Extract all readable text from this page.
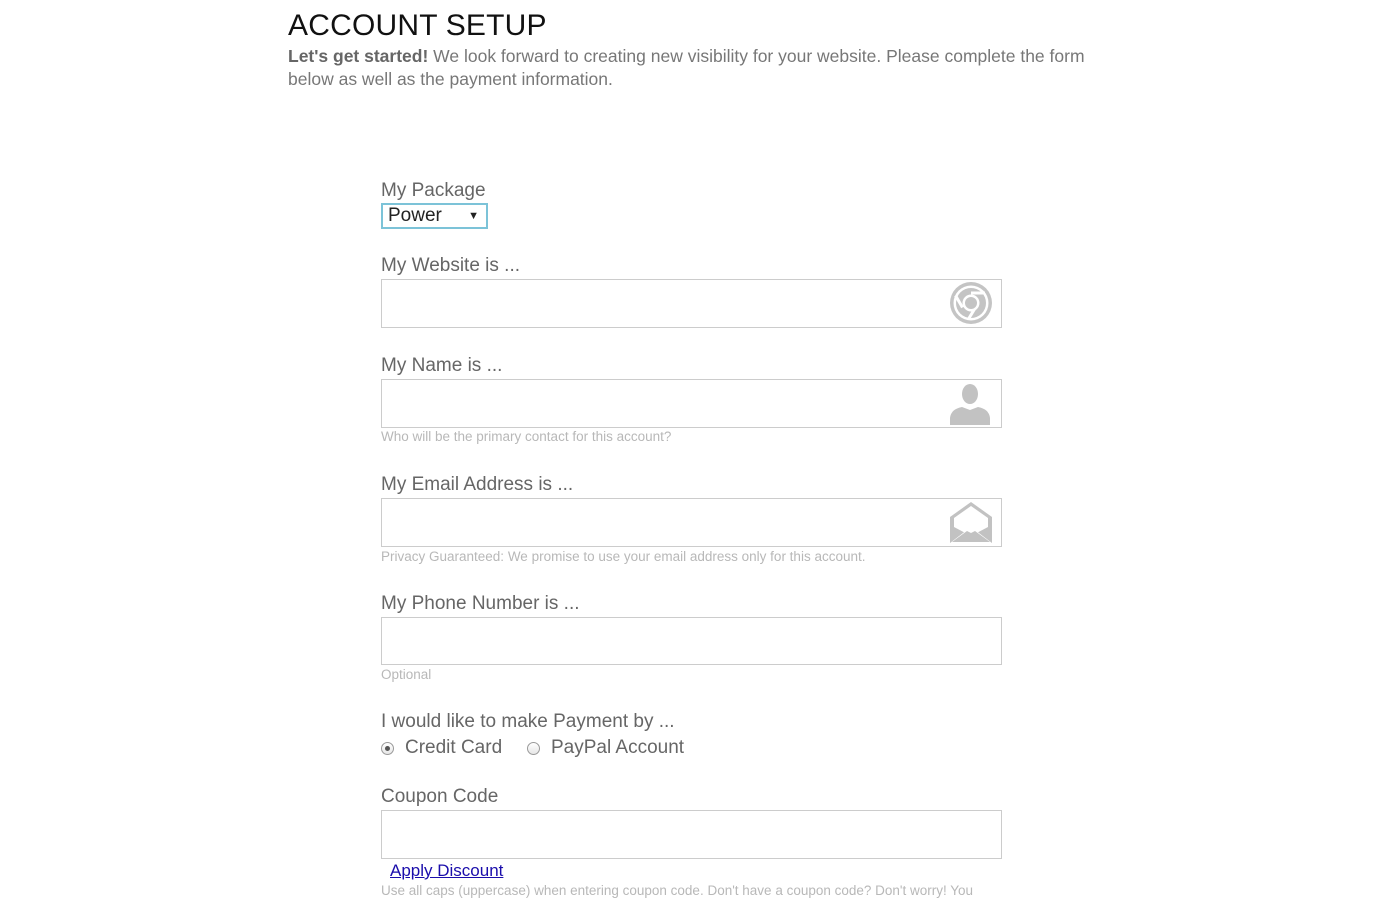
ACCOUNT SETUP

Let's get started! We look forward to creating new visibility for your website. Please complete the form below as well as the payment information.

My Package
Power ▼
My Website is ...
My Name is ...
Who will be the primary contact for this account?
My Email Address is ...
Privacy Guaranteed: We promise to use your email address only for this account.
My Phone Number is ...
Optional
I would like to make Payment by ...
Credit Card	PayPal Account
Coupon Code
Apply Discount
Use all caps (uppercase) when entering coupon code. Don't have a coupon code? Don't worry! You
